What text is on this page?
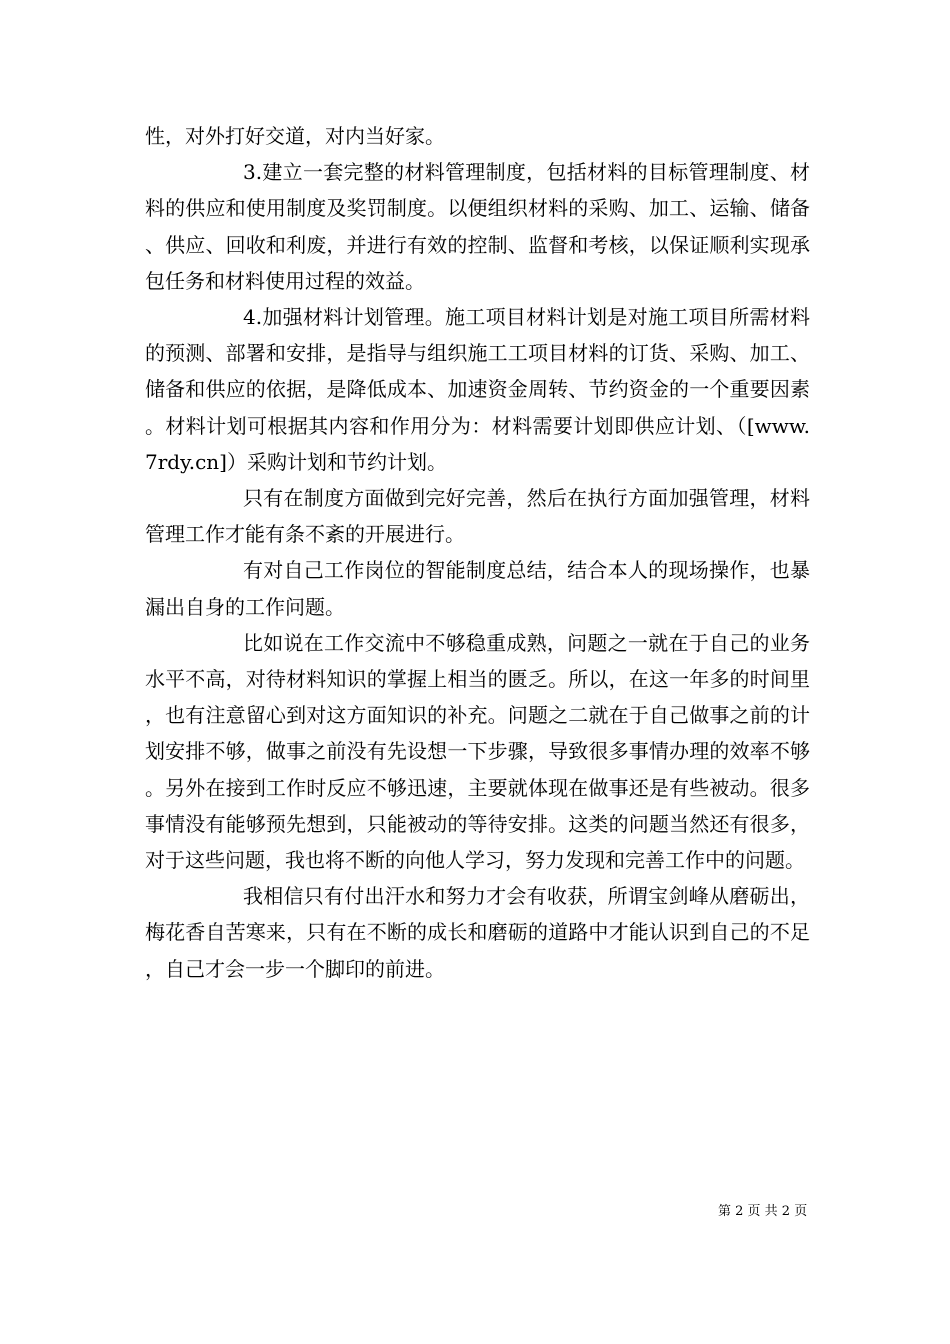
性，对外打好交道，对内当好家。

3.建立一套完整的材料管理制度，包括材料的目标管理制度、材料的供应和使用制度及奖罚制度。以便组织材料的采购、加工、运输、储备、供应、回收和利废，并进行有效的控制、监督和考核，以保证顺利实现承包任务和材料使用过程的效益。

4.加强材料计划管理。施工项目材料计划是对施工项目所需材料的预测、部署和安排，是指导与组织施工工项目材料的订货、采购、加工、储备和供应的依据，是降低成本、加速资金周转、节约资金的一个重要因素。材料计划可根据其内容和作用分为：材料需要计划即供应计划、（[www.7rdy.cn]）采购计划和节约计划。

只有在制度方面做到完好完善，然后在执行方面加强管理，材料管理工作才能有条不紊的开展进行。

有对自己工作岗位的智能制度总结，结合本人的现场操作，也暴漏出自身的工作问题。

比如说在工作交流中不够稳重成熟，问题之一就在于自己的业务水平不高，对待材料知识的掌握上相当的匮乏。所以，在这一年多的时间里，也有注意留心到对这方面知识的补充。问题之二就在于自己做事之前的计划安排不够，做事之前没有先设想一下步骤，导致很多事情办理的效率不够。另外在接到工作时反应不够迅速，主要就体现在做事还是有些被动。很多事情没有能够预先想到，只能被动的等待安排。这类的问题当然还有很多，对于这些问题，我也将不断的向他人学习，努力发现和完善工作中的问题。

我相信只有付出汗水和努力才会有收获，所谓宝剑峰从磨砺出，梅花香自苦寒来，只有在不断的成长和磨砺的道路中才能认识到自己的不足，自己才会一步一个脚印的前进。

第 2 页 共 2 页
